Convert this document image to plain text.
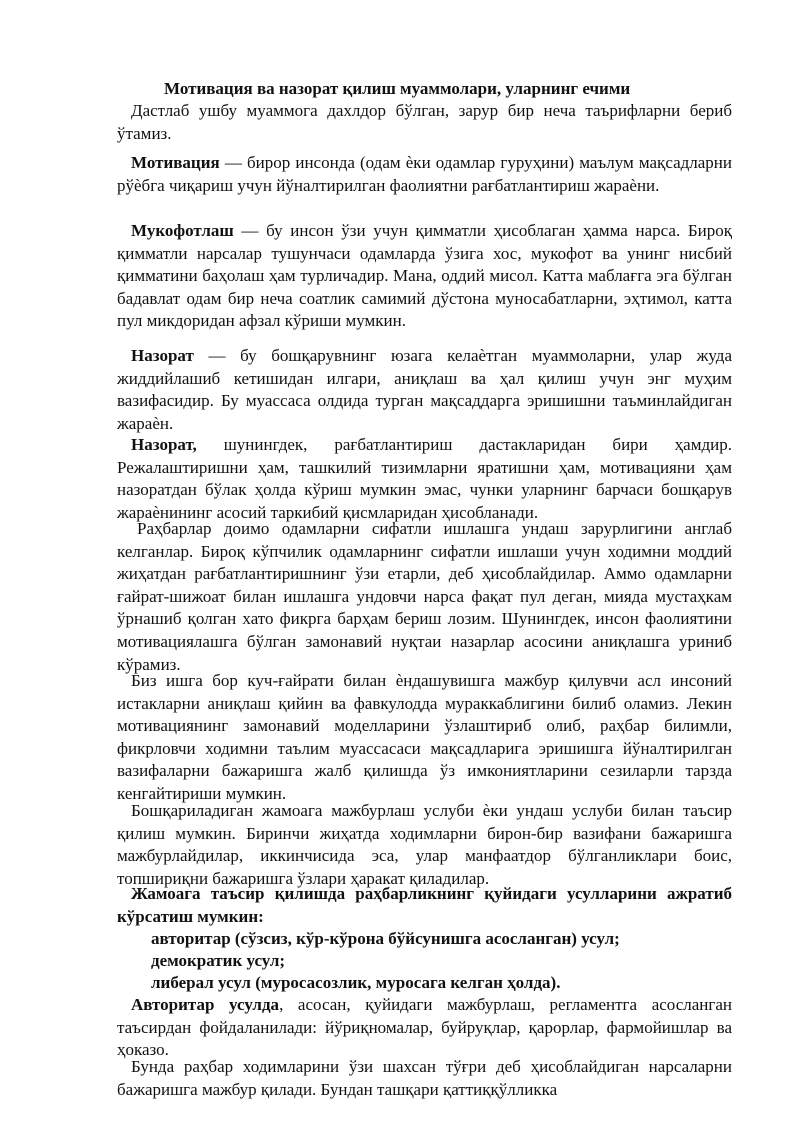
Мотивация ва назорат қилиш муаммолари, уларнинг ечими
Дастлаб ушбу муаммога дахлдор бўлган, зарур бир неча таърифларни бериб ўтамиз.
Мотивация — бирор инсонда (одам ѐки одамлар гуруҳини) маълум мақсадларни рўѐбга чиқариш учун йўналтирилган фаолиятни рағбатлантириш жараѐни.
Мукофотлаш — бу инсон ўзи учун қимматли ҳисоблаган ҳамма нарса. Бироқ қимматли нарсалар тушунчаси одамларда ўзига хос, мукофот ва унинг нисбий қимматини баҳолаш ҳам турличадир. Мана, оддий мисол. Катта маблағга эга бўлган бадавлат одам бир неча соатлик самимий дўстона муносабатларни, эҳтимол, катта пул микдоридан афзал кўриши мумкин.
Назорат — бу бошқарувнинг юзага келаѐтган муаммоларни, улар жуда жиддийлашиб кетишидан илгари, аниқлаш ва ҳал қилиш учун энг муҳим вазифасидир. Бу муассаса олдида турган мақсаддарга эришишни таъминлайдиган жараѐн.
Назорат, шунингдек, рағбатлантириш дастакларидан бири ҳамдир. Режалаштиришни ҳам, ташкилий тизимларни яратишни ҳам, мотивацияни ҳам назоратдан бўлак ҳолда кўриш мумкин эмас, чунки уларнинг барчаси бошқарув жараѐнининг асосий таркибий қисмларидан ҳисобланади.
Раҳбарлар доимо одамларни сифатли ишлашга ундаш зарурлигини англаб келганлар. Бироқ кўпчилик одамларнинг сифатли ишлаши учун ходимни моддий жиҳатдан рағбатлантиришнинг ўзи етарли, деб ҳисоблайдилар. Аммо одамларни ғайрат-шижоат билан ишлашга ундовчи нарса фақат пул деган, мияда мустаҳкам ўрнашиб қолган хато фикрга барҳам бериш лозим. Шунингдек, инсон фаолиятини мотивациялашга бўлган замонавий нуқтаи назарлар асосини аниқлашга уриниб кўрамиз.
Биз ишга бор куч-ғайрати билан ѐндашувишга мажбур қилувчи асл инсоний истакларни аниқлаш қийин ва фавкулодда мураккаблигини билиб оламиз. Лекин мотивациянинг замонавий моделларини ўзлаштириб олиб, раҳбар билимли, фикрловчи ходимни таълим муассасаси мақсадларига эришишга йўналтирилган вазифаларни бажаришга жалб қилишда ўз имкониятларини сезиларли тарзда кенгайтириши мумкин.
Бошқариладиган жамоага мажбурлаш услуби ѐки ундаш услуби билан таъсир қилиш мумкин. Биринчи жиҳатда ходимларни бирон-бир вазифани бажаришга мажбурлайдилар, иккинчисида эса, улар манфаатдор бўлганликлари боис, топшириқни бажаришга ўзлари ҳаракат қиладилар.
Жамоага таъсир қилишда раҳбарликнинг қуйидаги усулларини ажратиб кўрсатиш мумкин:
авторитар (сўзсиз, кўр-кўрона бўйсунишга асосланган) усул;
демократик усул;
либерал усул (муросасозлик, муросага келган ҳолда).
Авторитар усулда, асосан, қуйидаги мажбурлаш, регламентга асосланган таъсирдан фойдаланилади: йўриқномалар, буйруқлар, қарорлар, фармойишлар ва ҳоказо.
Бунда раҳбар ходимларини ўзи шахсан тўғри деб ҳисоблайдиган нарсаларни бажаришга мажбур қилади. Бундан ташқари қаттиққўлликка
